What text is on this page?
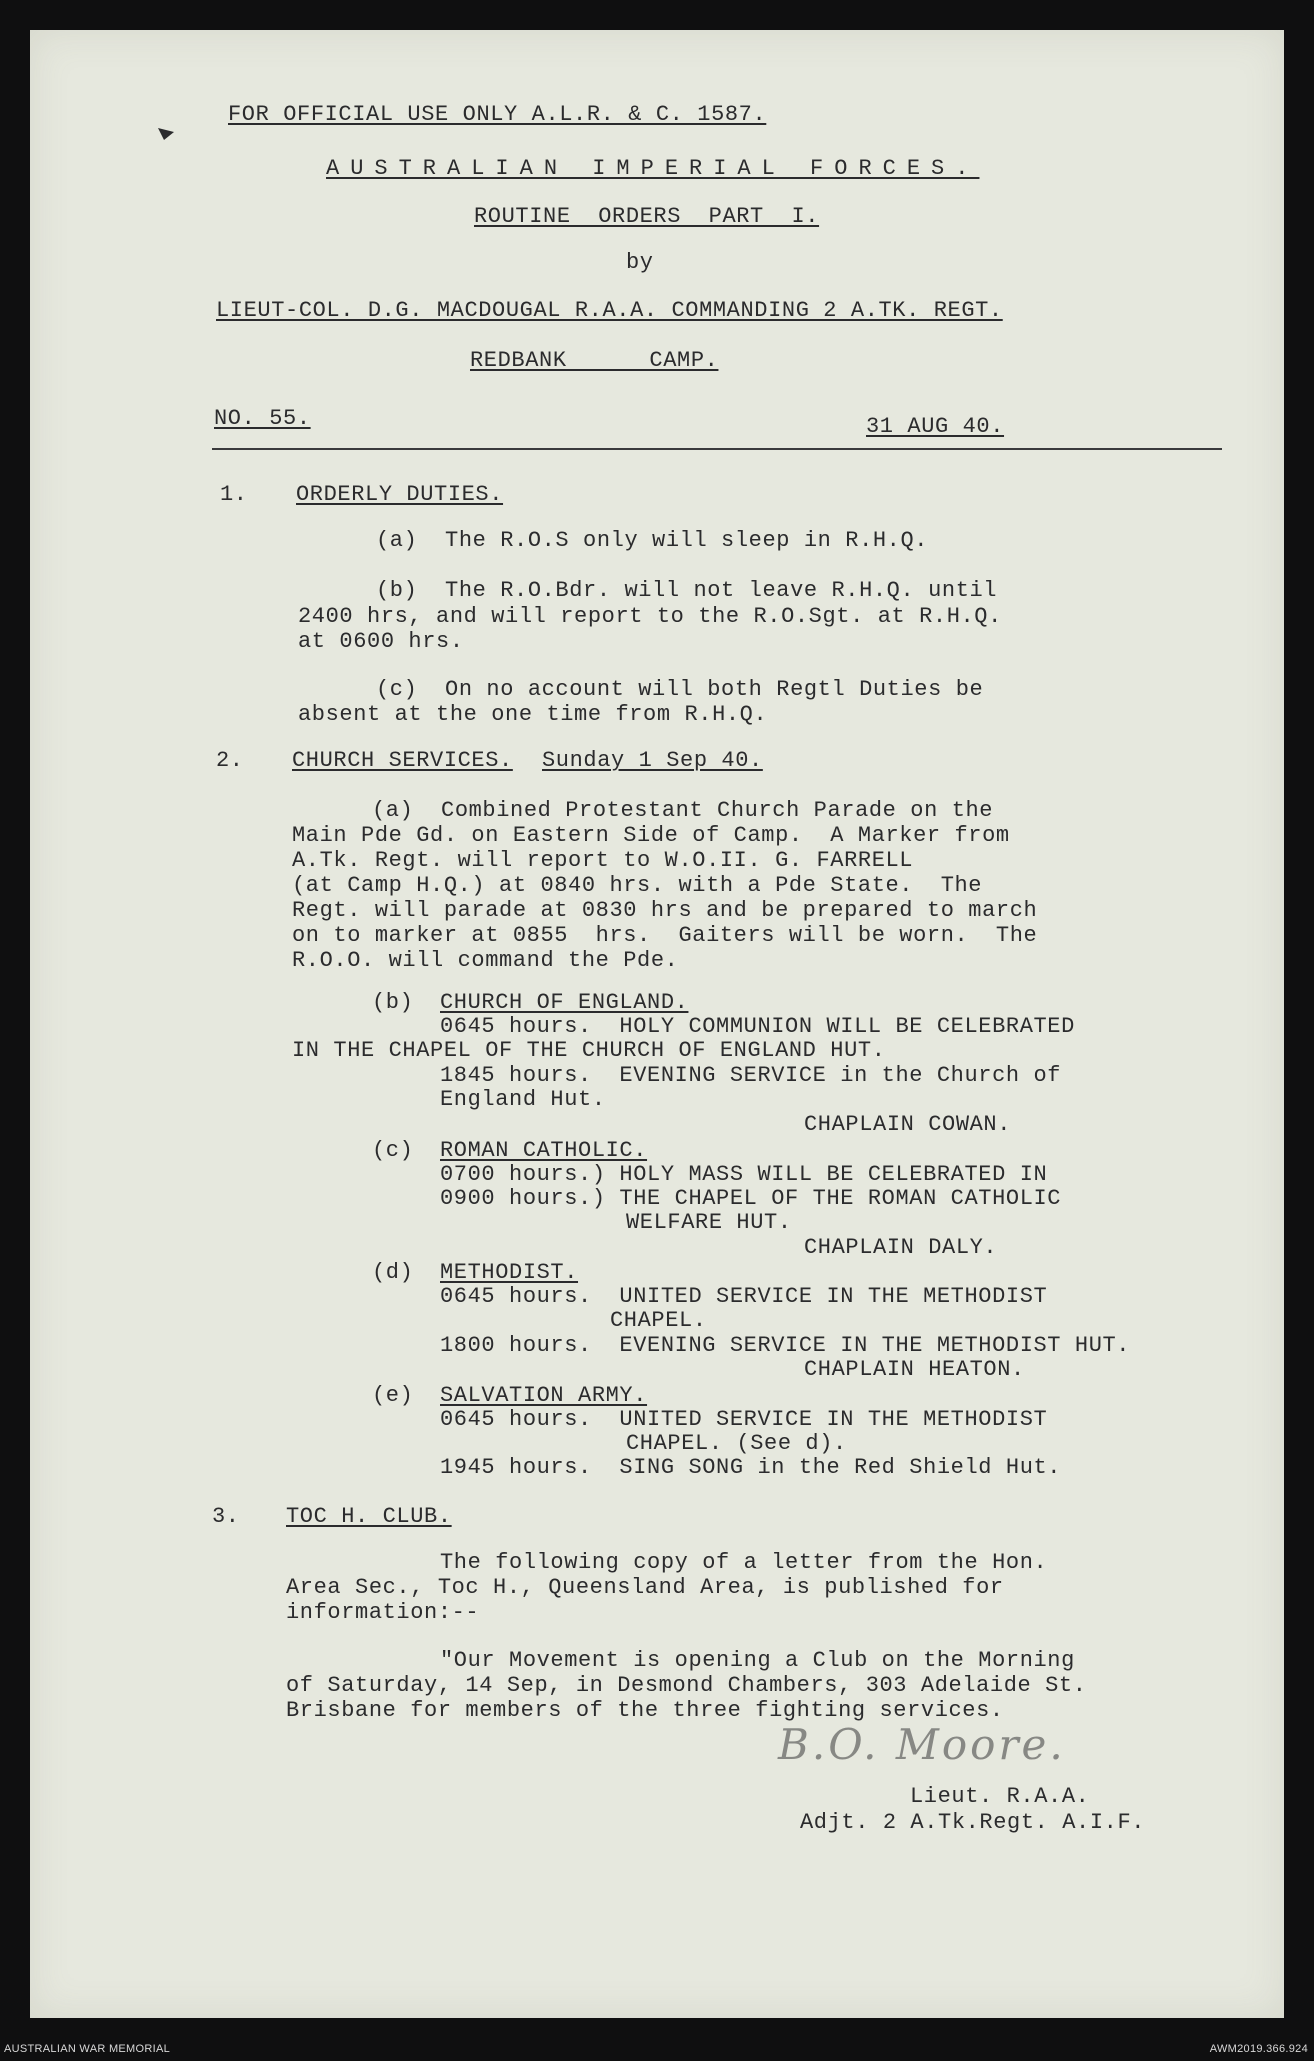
FOR OFFICIAL USE ONLY A.L.R. & C. 1587.
AUSTRALIAN IMPERIAL FORCES.
ROUTINE  ORDERS  PART  I.
by
LIEUT-COL. D.G. MACDOUGAL R.A.A. COMMANDING 2 A.TK. REGT.
REDBANK      CAMP.
NO. 55.	31 AUG 40.
1. ORDERLY DUTIES.
(a)  The R.O.S only will sleep in R.H.Q.
(b)  The R.O.Bdr. will not leave R.H.Q. until
2400 hrs, and will report to the R.O.Sgt. at R.H.Q.
at 0600 hrs.
(c)  On no account will both Regtl Duties be
absent at the one time from R.H.Q.
2. CHURCH SERVICES. Sunday 1 Sep 40.
(a)  Combined Protestant Church Parade on the
Main Pde Gd. on Eastern Side of Camp.  A Marker from
A.Tk. Regt. will report to W.O.II. G. FARRELL
(at Camp H.Q.) at 0840 hrs. with a Pde State.  The
Regt. will parade at 0830 hrs and be prepared to march
on to marker at 0855  hrs.  Gaiters will be worn.  The
R.O.O. will command the Pde.
(b) CHURCH OF ENGLAND.
0645 hours.  HOLY COMMUNION WILL BE CELEBRATED
IN THE CHAPEL OF THE CHURCH OF ENGLAND HUT.
1845 hours.  EVENING SERVICE in the Church of
England Hut.
CHAPLAIN COWAN.
(c) ROMAN CATHOLIC.
0700 hours.) HOLY MASS WILL BE CELEBRATED IN
0900 hours.) THE CHAPEL OF THE ROMAN CATHOLIC
WELFARE HUT.
CHAPLAIN DALY.
(d) METHODIST.
0645 hours.  UNITED SERVICE IN THE METHODIST
CHAPEL.
1800 hours.  EVENING SERVICE IN THE METHODIST HUT.
CHAPLAIN HEATON.
(e) SALVATION ARMY.
0645 hours.  UNITED SERVICE IN THE METHODIST
CHAPEL. (See d).
1945 hours.  SING SONG in the Red Shield Hut.
3. TOC H. CLUB.
The following copy of a letter from the Hon.
Area Sec., Toc H., Queensland Area, is published for
information:--
"Our Movement is opening a Club on the Morning
of Saturday, 14 Sep, in Desmond Chambers, 303 Adelaide St.
Brisbane for members of the three fighting services.
B.O. Moore.
Lieut. R.A.A.
Adjt. 2 A.Tk.Regt. A.I.F.
AUSTRALIAN WAR MEMORIAL	AWM2019.366.924
